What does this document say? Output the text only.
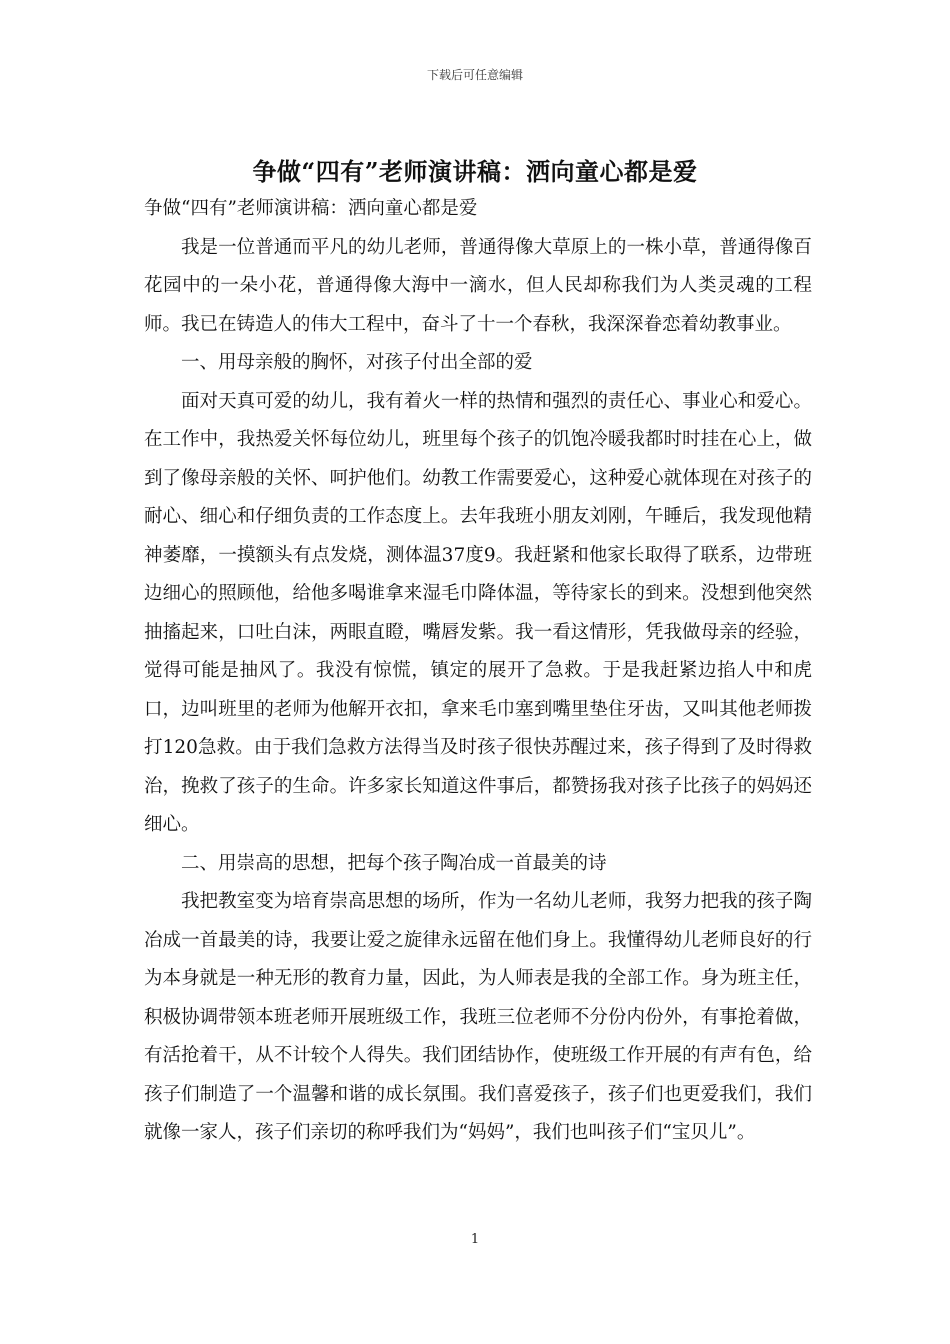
下载后可任意编辑
争做“四有”老师演讲稿：洒向童心都是爱

争做“四有”老师演讲稿：洒向童心都是爱

我是一位普通而平凡的幼儿老师，普通得像大草原上的一株小草，普通得像百花园中的一朵小花，普通得像大海中一滴水，但人民却称我们为人类灵魂的工程师。我已在铸造人的伟大工程中，奋斗了十一个春秋，我深深眷恋着幼教事业。

一、用母亲般的胸怀，对孩子付出全部的爱

面对天真可爱的幼儿，我有着火一样的热情和强烈的责任心、事业心和爱心。在工作中，我热爱关怀每位幼儿，班里每个孩子的饥饱冷暖我都时时挂在心上，做到了像母亲般的关怀、呵护他们。幼教工作需要爱心，这种爱心就体现在对孩子的耐心、细心和仔细负责的工作态度上。去年我班小朋友刘刚，午睡后，我发现他精神萎靡，一摸额头有点发烧，测体温37度9。我赶紧和他家长取得了联系，边带班边细心的照顾他，给他多喝谁拿来湿毛巾降体温，等待家长的到来。没想到他突然抽搐起来，口吐白沫，两眼直瞪，嘴唇发紫。我一看这情形，凭我做母亲的经验，觉得可能是抽风了。我没有惊慌，镇定的展开了急救。于是我赶紧边掐人中和虎口，边叫班里的老师为他解开衣扣，拿来毛巾塞到嘴里垫住牙齿，又叫其他老师拨打120急救。由于我们急救方法得当及时孩子很快苏醒过来，孩子得到了及时得救治，挽救了孩子的生命。许多家长知道这件事后，都赞扬我对孩子比孩子的妈妈还细心。

二、用崇高的思想，把每个孩子陶冶成一首最美的诗

我把教室变为培育崇高思想的场所，作为一名幼儿老师，我努力把我的孩子陶冶成一首最美的诗，我要让爱之旋律永远留在他们身上。我懂得幼儿老师良好的行为本身就是一种无形的教育力量，因此，为人师表是我的全部工作。身为班主任，积极协调带领本班老师开展班级工作，我班三位老师不分份内份外，有事抢着做，有活抢着干，从不计较个人得失。我们团结协作，使班级工作开展的有声有色，给孩子们制造了一个温馨和谐的成长氛围。我们喜爱孩子，孩子们也更爱我们，我们就像一家人，孩子们亲切的称呼我们为“妈妈”，我们也叫孩子们“宝贝儿”。

1
